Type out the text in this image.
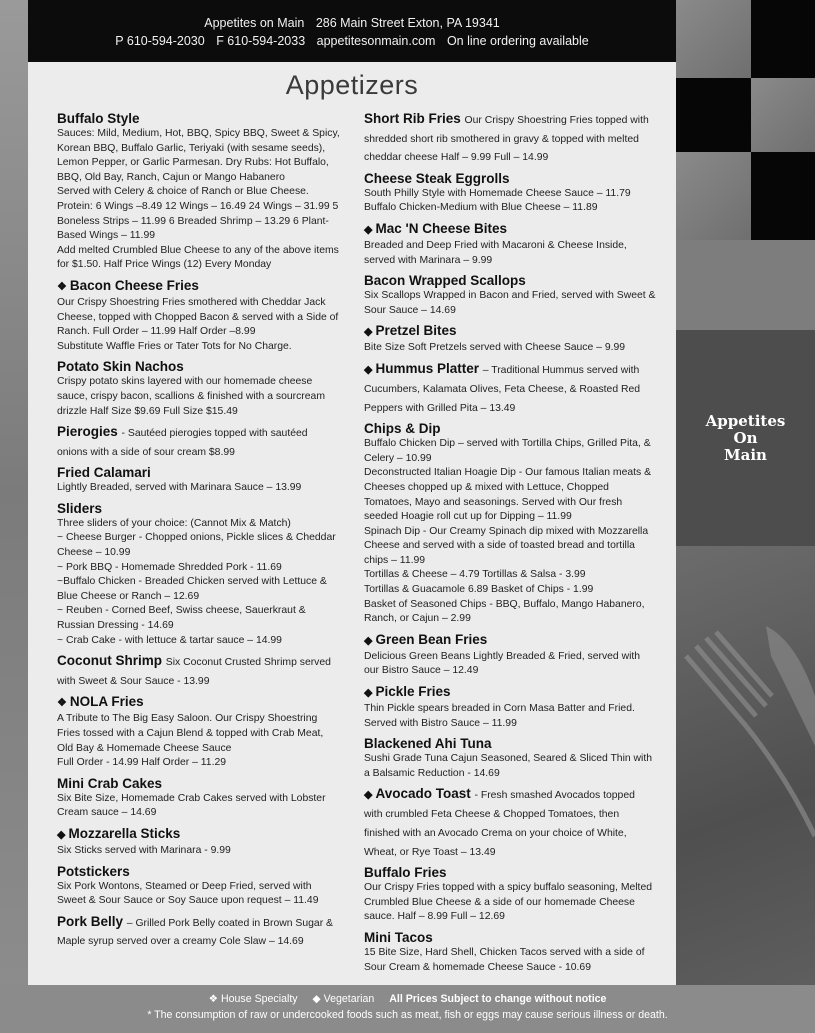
Appetites on Main 286 Main Street Exton, PA 19341
P 610-594-2030 F 610-594-2033 appetitesonmain.com On line ordering available
Appetites
On
Main
Appetizers
Buffalo Style
Sauces: Mild, Medium, Hot, BBQ, Spicy BBQ, Sweet & Spicy, Korean BBQ, Buffalo Garlic, Teriyaki (with sesame seeds), Lemon Pepper, or Garlic Parmesan. Dry Rubs: Hot Buffalo, BBQ, Old Bay, Ranch, Cajun or Mango Habanero
Served with Celery & choice of Ranch or Blue Cheese.
Protein: 6 Wings –8.49 12 Wings – 16.49 24 Wings – 31.99 5 Boneless Strips – 11.99 6 Breaded Shrimp – 13.29 6 Plant-Based Wings – 11.99
Add melted Crumbled Blue Cheese to any of the above items for $1.50. Half Price Wings (12) Every Monday
❖ Bacon Cheese Fries
Our Crispy Shoestring Fries smothered with Cheddar Jack Cheese, topped with Chopped Bacon & served with a Side of Ranch. Full Order – 11.99 Half Order –8.99
Substitute Waffle Fries or Tater Tots for No Charge.
Potato Skin Nachos
Crispy potato skins layered with our homemade cheese sauce, crispy bacon, scallions & finished with a sourcream drizzle Half Size $9.69 Full Size $15.49
Pierogies - Sautéed pierogies topped with sautéed onions with a side of sour cream $8.99
Fried Calamari
Lightly Breaded, served with Marinara Sauce – 13.99
Sliders
Three sliders of your choice: (Cannot Mix & Match)
~ Cheese Burger - Chopped onions, Pickle slices & Cheddar Cheese – 10.99
~ Pork BBQ - Homemade Shredded Pork - 11.69
~Buffalo Chicken - Breaded Chicken served with Lettuce & Blue Cheese or Ranch – 12.69
~ Reuben - Corned Beef, Swiss cheese, Sauerkraut & Russian Dressing - 14.69
~ Crab Cake - with lettuce & tartar sauce – 14.99
Coconut Shrimp Six Coconut Crusted Shrimp served with Sweet & Sour Sauce - 13.99
❖ NOLA Fries
A Tribute to The Big Easy Saloon. Our Crispy Shoestring Fries tossed with a Cajun Blend & topped with Crab Meat, Old Bay & Homemade Cheese Sauce
Full Order - 14.99 Half Order – 11.29
Mini Crab Cakes
Six Bite Size, Homemade Crab Cakes served with Lobster Cream sauce – 14.69
◆ Mozzarella Sticks
Six Sticks served with Marinara - 9.99
Potstickers
Six Pork Wontons, Steamed or Deep Fried, served with Sweet & Sour Sauce or Soy Sauce upon request – 11.49
Pork Belly – Grilled Pork Belly coated in Brown Sugar & Maple syrup served over a creamy Cole Slaw – 14.69
Short Rib Fries Our Crispy Shoestring Fries topped with shredded short rib smothered in gravy & topped with melted cheddar cheese Half – 9.99 Full – 14.99
Cheese Steak Eggrolls
South Philly Style with Homemade Cheese Sauce – 11.79
Buffalo Chicken-Medium with Blue Cheese – 11.89
◆ Mac 'N Cheese Bites
Breaded and Deep Fried with Macaroni & Cheese Inside, served with Marinara – 9.99
Bacon Wrapped Scallops
Six Scallops Wrapped in Bacon and Fried, served with Sweet & Sour Sauce – 14.69
◆ Pretzel Bites
Bite Size Soft Pretzels served with Cheese Sauce – 9.99
◆ Hummus Platter – Traditional Hummus served with Cucumbers, Kalamata Olives, Feta Cheese, & Roasted Red Peppers with Grilled Pita – 13.49
Chips & Dip
Buffalo Chicken Dip – served with Tortilla Chips, Grilled Pita, & Celery – 10.99
Deconstructed Italian Hoagie Dip - Our famous Italian meats & Cheeses chopped up & mixed with Lettuce, Chopped Tomatoes, Mayo and seasonings. Served with Our fresh seeded Hoagie roll cut up for Dipping – 11.99
Spinach Dip - Our Creamy Spinach dip mixed with Mozzarella Cheese and served with a side of toasted bread and tortilla chips – 11.99
Tortillas & Cheese – 4.79 Tortillas & Salsa - 3.99
Tortillas & Guacamole 6.89 Basket of Chips - 1.99
Basket of Seasoned Chips - BBQ, Buffalo, Mango Habanero, Ranch, or Cajun – 2.99
◆ Green Bean Fries
Delicious Green Beans Lightly Breaded & Fried, served with our Bistro Sauce – 12.49
◆ Pickle Fries
Thin Pickle spears breaded in Corn Masa Batter and Fried. Served with Bistro Sauce – 11.99
Blackened Ahi Tuna
Sushi Grade Tuna Cajun Seasoned, Seared & Sliced Thin with a Balsamic Reduction - 14.69
◆ Avocado Toast - Fresh smashed Avocados topped with crumbled Feta Cheese & Chopped Tomatoes, then finished with an Avocado Crema on your choice of White, Wheat, or Rye Toast – 13.49
Buffalo Fries
Our Crispy Fries topped with a spicy buffalo seasoning, Melted Crumbled Blue Cheese & a side of our homemade Cheese sauce. Half – 8.99 Full – 12.69
Mini Tacos
15 Bite Size, Hard Shell, Chicken Tacos served with a side of Sour Cream & homemade Cheese Sauce - 10.69
❖ House Specialty ◆ Vegetarian All Prices Subject to change without notice
* The consumption of raw or undercooked foods such as meat, fish or eggs may cause serious illness or death.
